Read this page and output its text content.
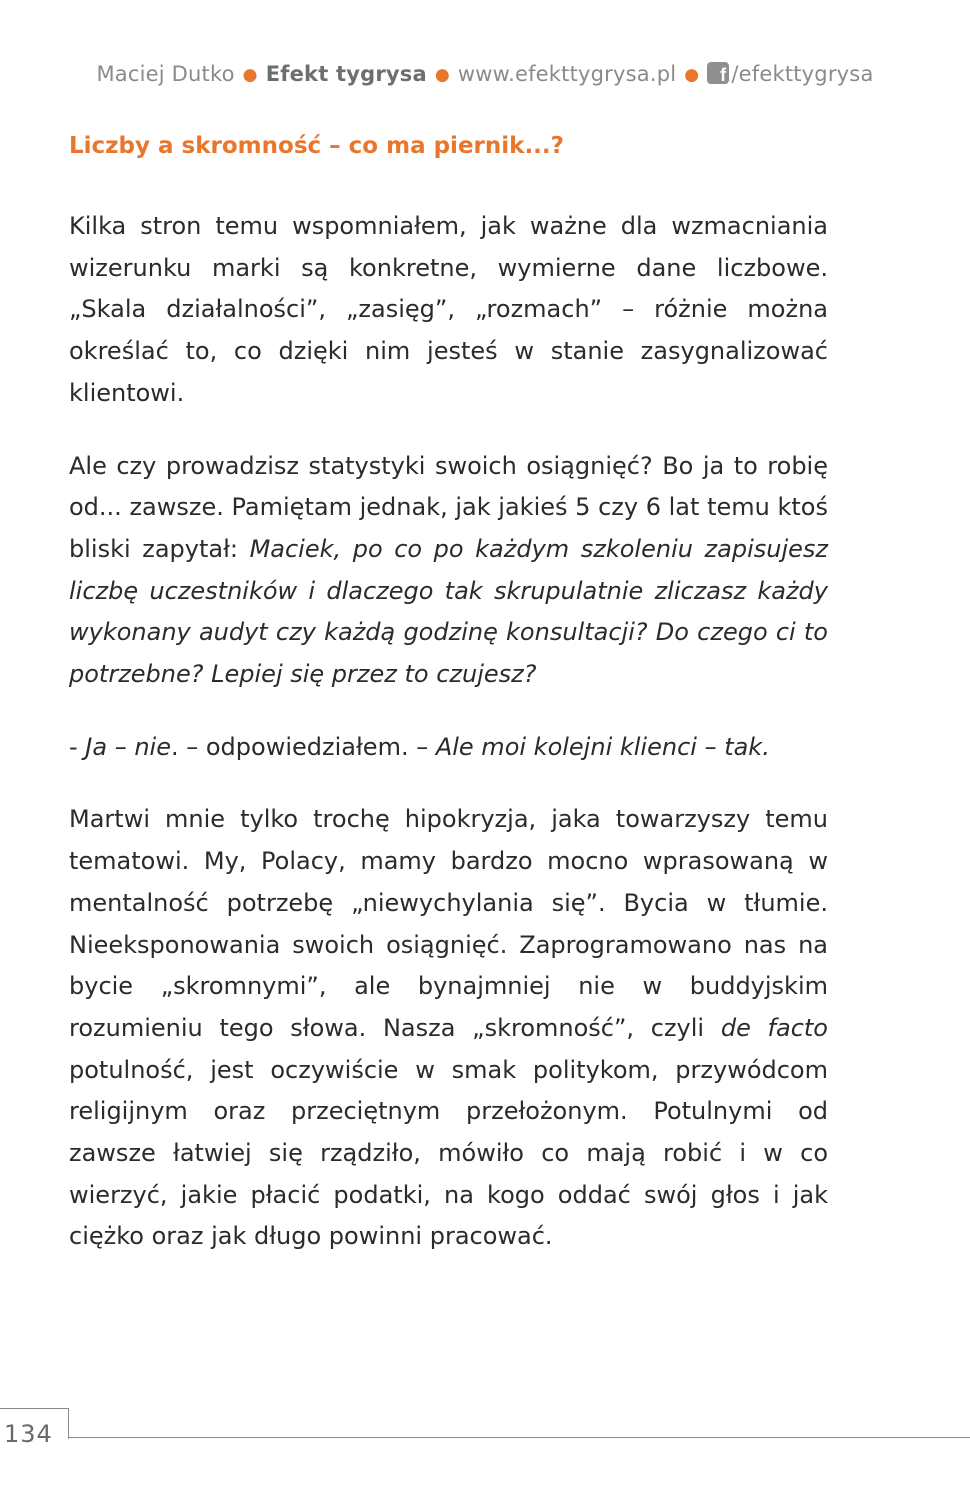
Maciej Dutko ● Efekt tygrysa ● www.efekttygrysa.pl ●f /efekttygrysa
Liczby a skromność – co ma piernik...?

Kilka stron temu wspomniałem, jak ważne dla wzmacniania wizerunku marki są konkretne, wymierne dane liczbowe. „Skala działalności”, „zasięg”, „rozmach” – różnie można określać to, co dzięki nim jesteś w stanie zasygnalizować klientowi.

Ale czy prowadzisz statystyki swoich osiągnięć? Bo ja to robię od... zawsze. Pamiętam jednak, jak jakieś 5 czy 6 lat temu ktoś bliski zapytał: Maciek, po co po każdym szkoleniu zapisujesz liczbę uczestników i dlaczego tak skrupulatnie zliczasz każdy wykonany audyt czy każdą godzinę konsultacji? Do czego ci to potrzebne? Lepiej się przez to czujesz?

- Ja – nie. – odpowiedziałem. – Ale moi kolejni klienci – tak.

Martwi mnie tylko trochę hipokryzja, jaka towarzyszy temu tematowi. My, Polacy, mamy bardzo mocno wprasowaną w mentalność potrzebę „niewychylania się”. Bycia w tłumie. Nieeksponowania swoich osiągnięć. Zaprogramowano nas na bycie „skromnymi”, ale bynajmniej nie w buddyjskim rozumieniu tego słowa. Nasza „skromność”, czyli de facto potulność, jest oczywiście w smak politykom, przywódcom religijnym oraz przeciętnym przełożonym. Potulnymi od zawsze łatwiej się rządziło, mówiło co mają robić i w co wierzyć, jakie płacić podatki, na kogo oddać swój głos i jak ciężko oraz jak długo powinni pracować.

134
